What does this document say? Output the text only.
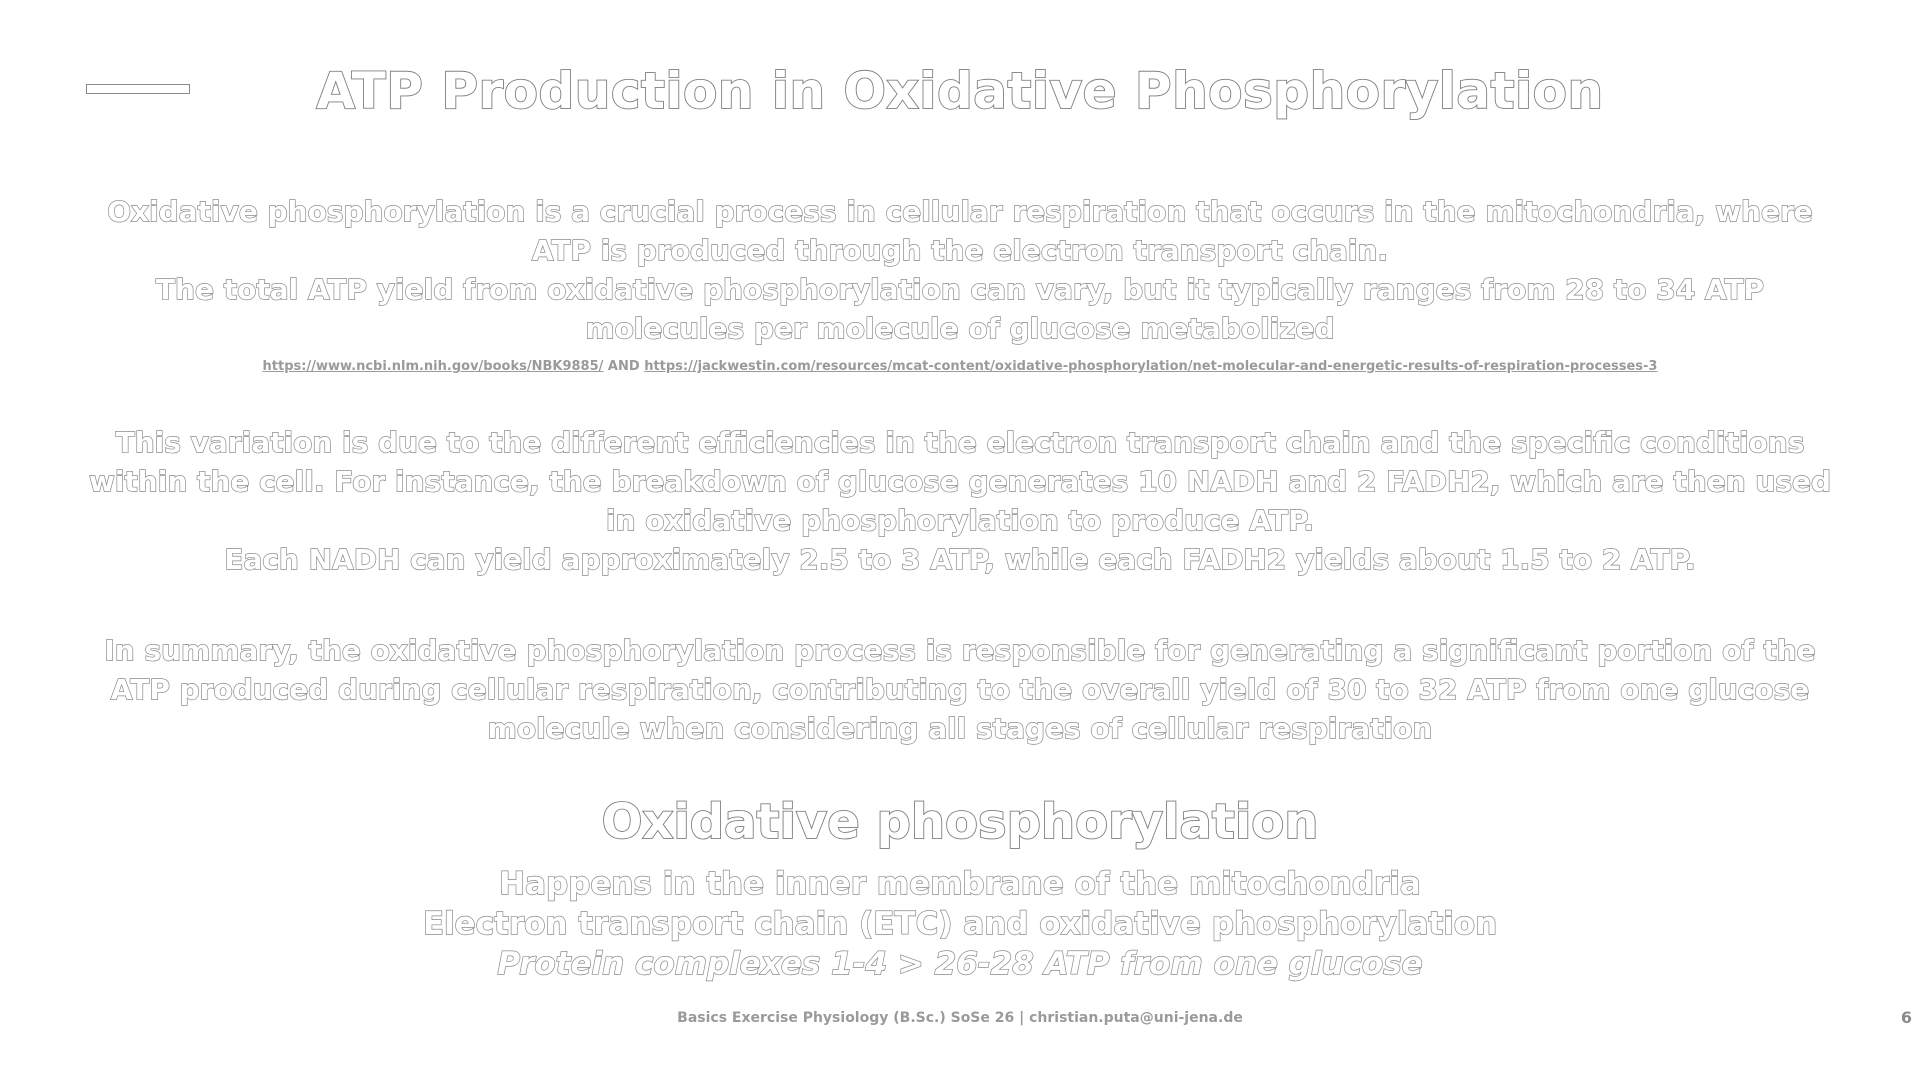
ATP Production in Oxidative Phosphorylation
Oxidative phosphorylation is a crucial process in cellular respiration that occurs in the mitochondria, where ATP is produced through the electron transport chain.
The total ATP yield from oxidative phosphorylation can vary, but it typically ranges from 28 to 34 ATP molecules per molecule of glucose metabolized
https://www.ncbi.nlm.nih.gov/books/NBK9885/ AND https://jackwestin.com/resources/mcat-content/oxidative-phosphorylation/net-molecular-and-energetic-results-of-respiration-processes-3
This variation is due to the different efficiencies in the electron transport chain and the specific conditions within the cell. For instance, the breakdown of glucose generates 10 NADH and 2 FADH2, which are then used in oxidative phosphorylation to produce ATP.
Each NADH can yield approximately 2.5 to 3 ATP, while each FADH2 yields about 1.5 to 2 ATP.
In summary, the oxidative phosphorylation process is responsible for generating a significant portion of the ATP produced during cellular respiration, contributing to the overall yield of 30 to 32 ATP from one glucose molecule when considering all stages of cellular respiration
Oxidative phosphorylation
Happens in the inner membrane of the mitochondria
Electron transport chain (ETC) and oxidative phosphorylation
Protein complexes 1-4 > 26-28 ATP from one glucose
Basics Exercise Physiology (B.Sc.) SoSe 26 | christian.puta@uni-jena.de	6
